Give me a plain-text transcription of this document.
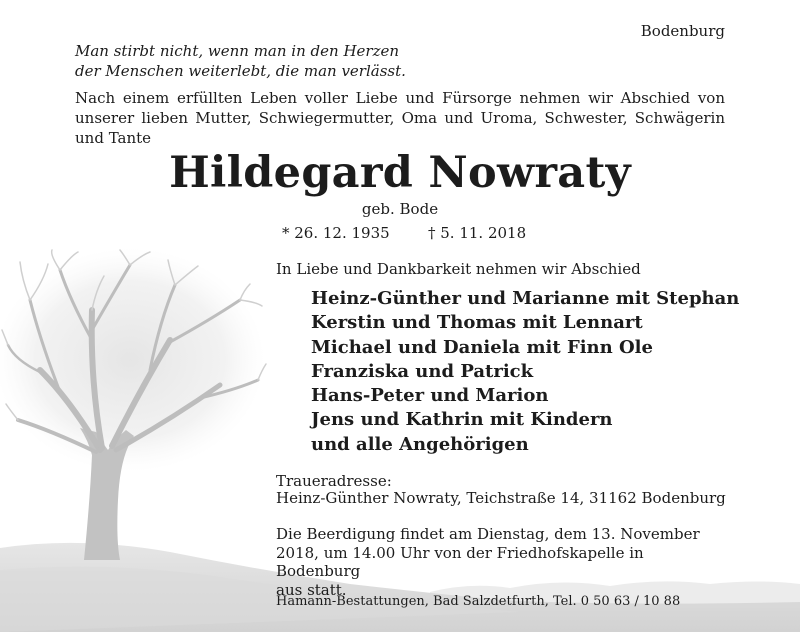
Bodenburg
Man stirbt nicht, wenn man in den Herzen
der Menschen weiterlebt, die man verlässt.
Nach einem erfüllten Leben voller Liebe und Fürsorge nehmen wir Abschied von unserer lieben Mutter, Schwiegermutter, Oma und Uroma, Schwester, Schwägerin und Tante
Hildegard Nowraty
geb. Bode
* 26. 12. 1935	† 5. 11. 2018
In Liebe und Dankbarkeit nehmen wir Abschied
Heinz-Günther und Marianne mit Stephan
Kerstin und Thomas mit Lennart
Michael und Daniela mit Finn Ole
Franziska und Patrick
Hans-Peter und Marion
Jens und Kathrin mit Kindern
und alle Angehörigen
Traueradresse:
Heinz-Günther Nowraty, Teichstraße 14, 31162 Bodenburg
Die Beerdigung findet am Dienstag, dem 13. November
2018, um 14.00 Uhr von der Friedhofskapelle in Bodenburg
aus statt.
Hamann-Bestattungen, Bad Salzdetfurth, Tel. 0 50 63 / 10 88
